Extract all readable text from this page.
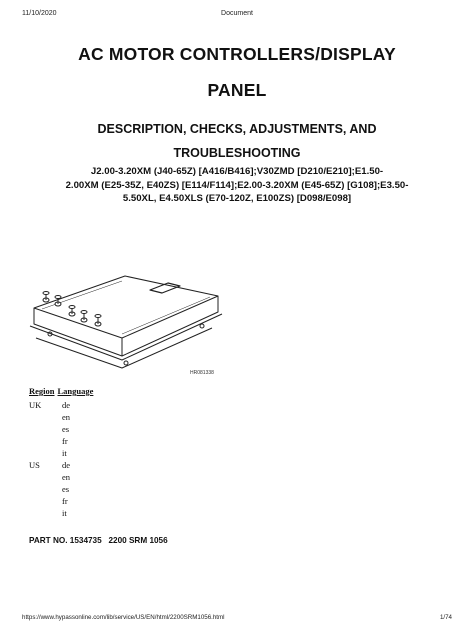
11/10/2020	Document
AC MOTOR CONTROLLERS/DISPLAY
PANEL
DESCRIPTION, CHECKS, ADJUSTMENTS, AND
TROUBLESHOOTING
J2.00-3.20XM (J40-65Z) [A416/B416];V30ZMD [D210/E210];E1.50-
2.00XM (E25-35Z, E40ZS) [E114/F114];E2.00-3.20XM (E45-65Z) [G108];E3.50-
5.50XL, E4.50XLS (E70-120Z, E100ZS) [D098/E098]
HR081338
Region Language
UK	de
en
es
fr
it
US	de
en
es
fr
it
PART NO. 1534735   2200 SRM 1056
https://www.hypassonline.com/lib/service/US/EN/html/2200SRM1056.html	1/74
